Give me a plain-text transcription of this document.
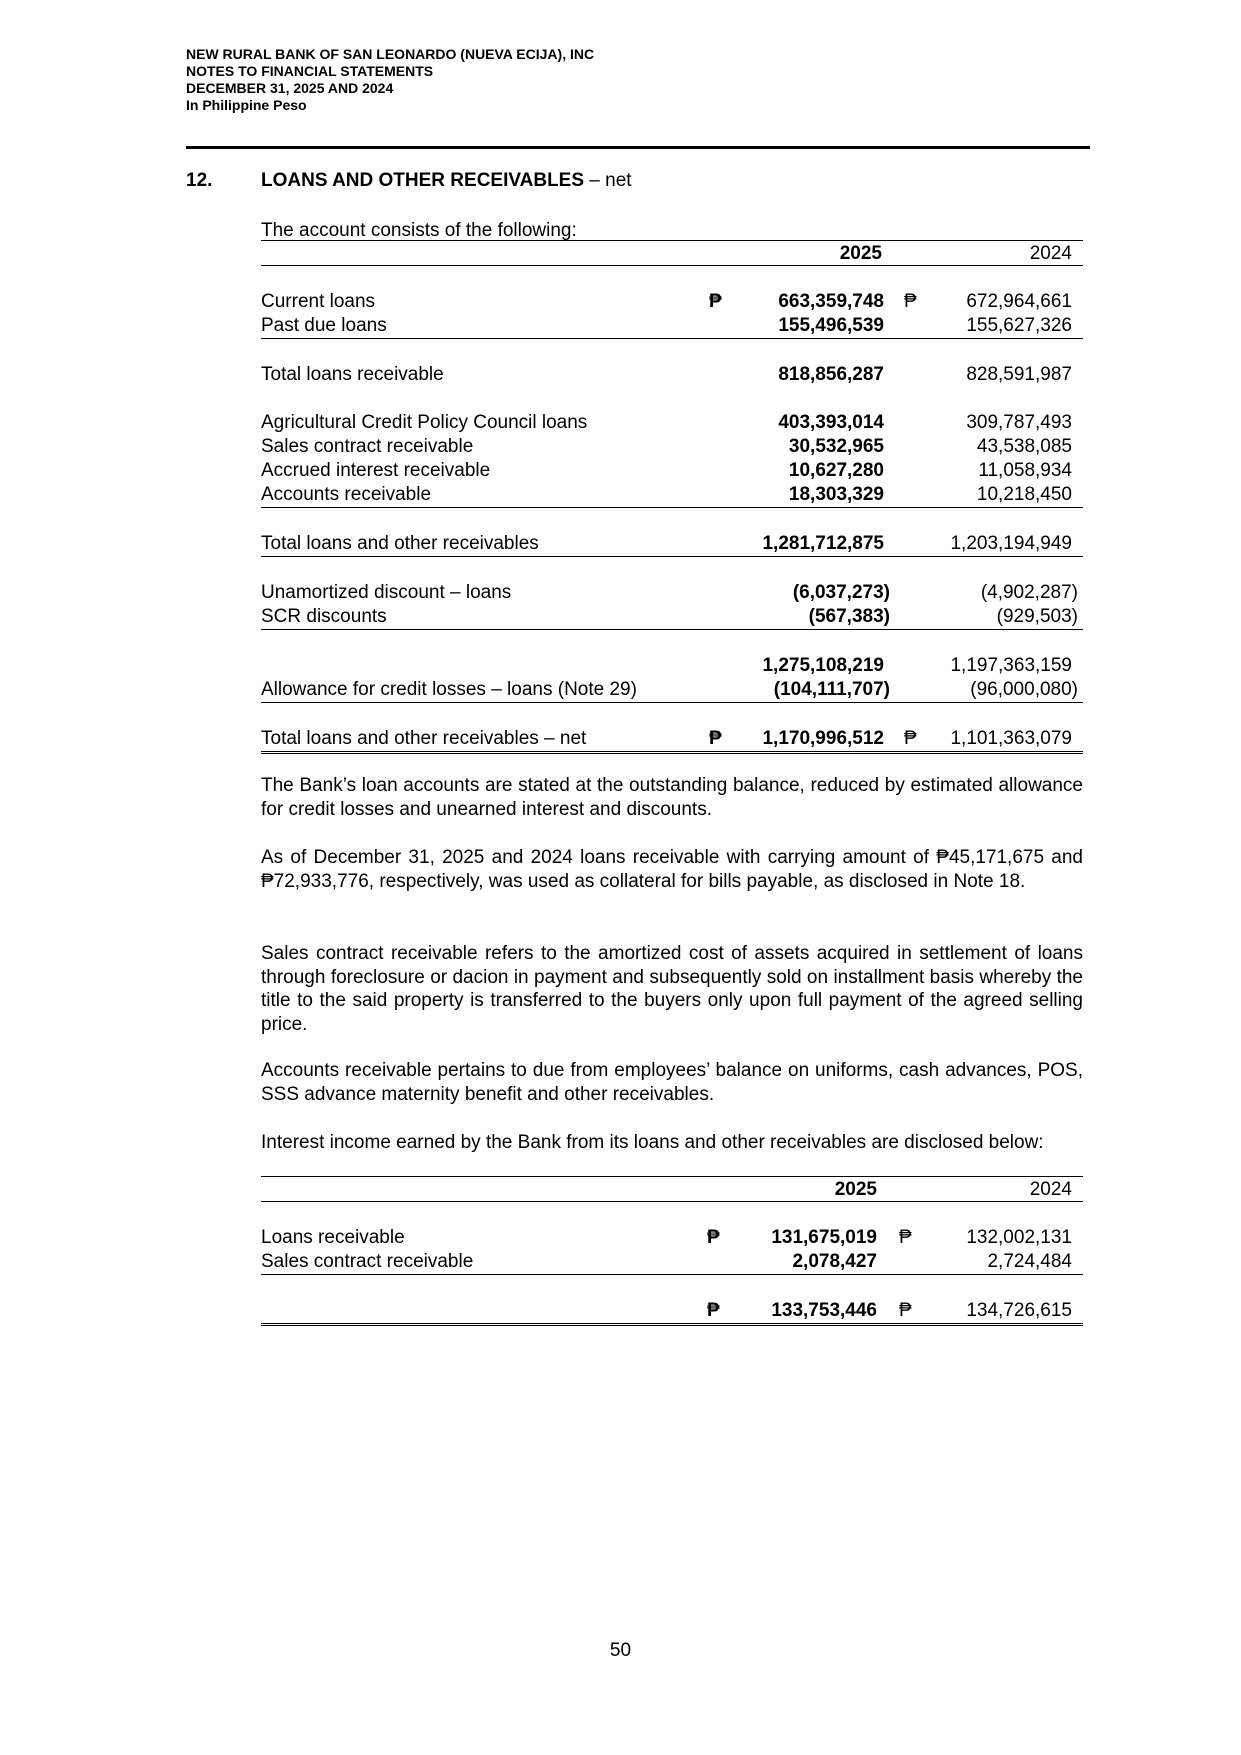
NEW RURAL BANK OF SAN LEONARDO (NUEVA ECIJA), INC
NOTES TO FINANCIAL STATEMENTS
DECEMBER 31, 2025 AND 2024
In Philippine Peso
12.	LOANS AND OTHER RECEIVABLES – net
The account consists of the following:
2025	2024
Current loans	₱	663,359,748 ₱	672,964,661
Past due loans	155,496,539	155,627,326
Total loans receivable	818,856,287	828,591,987
Agricultural Credit Policy Council loans	403,393,014	309,787,493
Sales contract receivable	30,532,965	43,538,085
Accrued interest receivable	10,627,280	11,058,934
Accounts receivable	18,303,329	10,218,450
Total loans and other receivables	1,281,712,875	1,203,194,949
Unamortized discount – loans	(6,037,273)	(4,902,287)
SCR discounts	(567,383)	(929,503)
1,275,108,219	1,197,363,159
Allowance for credit losses – loans (Note 29)	(104,111,707)	(96,000,080)
Total loans and other receivables – net	₱ 1,170,996,512 ₱ 1,101,363,079
The Bank’s loan accounts are stated at the outstanding balance, reduced by estimated allowance for credit losses and unearned interest and discounts.
As of December 31, 2025 and 2024 loans receivable with carrying amount of ₱45,171,675 and ₱72,933,776, respectively, was used as collateral for bills payable, as disclosed in Note 18.
Sales contract receivable refers to the amortized cost of assets acquired in settlement of loans through foreclosure or dacion in payment and subsequently sold on installment basis whereby the title to the said property is transferred to the buyers only upon full payment of the agreed selling price.
Accounts receivable pertains to due from employees’ balance on uniforms, cash advances, POS, SSS advance maternity benefit and other receivables.
Interest income earned by the Bank from its loans and other receivables are disclosed below:
2025	2024
Loans receivable	₱	131,675,019 ₱	132,002,131
Sales contract receivable	2,078,427	2,724,484
₱	133,753,446 ₱	134,726,615
50
